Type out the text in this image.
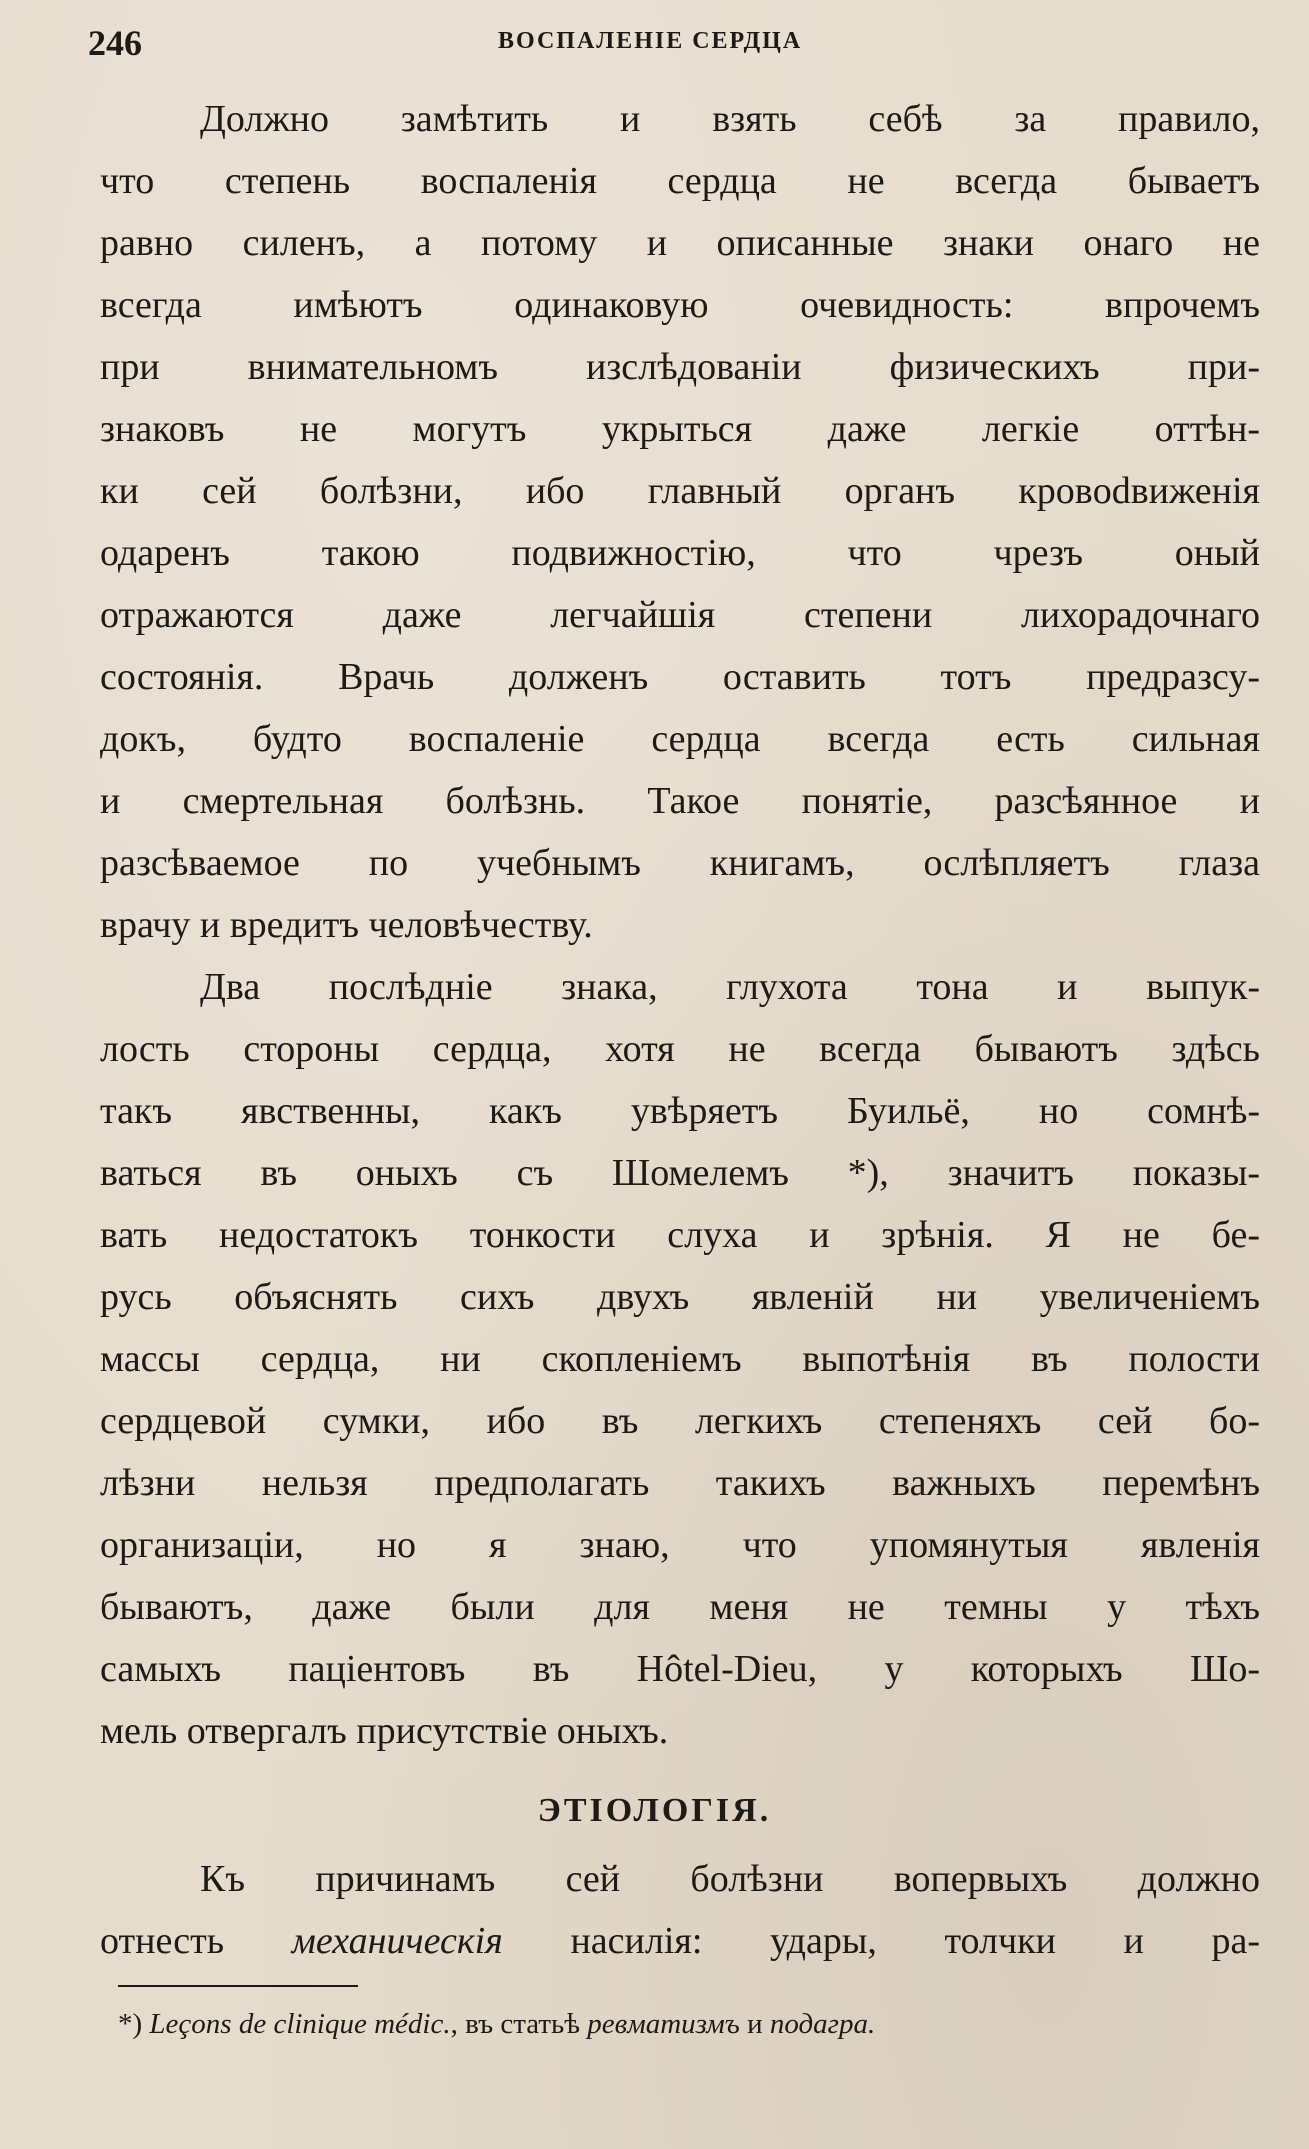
246	ВОСПАЛЕНІЕ СЕРДЦА
Должно замѣтить и взять себѣ за правило,
что степень воспаленія сердца не всегда бываетъ
равно силенъ, а потому и описанные знаки онаго не
всегда имѣютъ одинаковую очевидность: впрочемъ
при внимательномъ изслѣдованіи физическихъ при-
знаковъ не могутъ укрыться даже легкіе оттѣн-
ки сей болѣзни, ибо главный органъ кровodвиженія
одаренъ такою подвижностію, что чрезъ оный
отражаются даже легчайшія степени лихорадочнаго
состоянія. Врачь долженъ оставить тотъ предразсу-
докъ, будто воспаленіе сердца всегда есть сильная
и смертельная болѣзнь. Такое понятіе, разсѣянное и
разсѣваемое по учебнымъ книгамъ, ослѣпляетъ глаза
врачу и вредитъ человѣчеству.
Два послѣдніе знака, глухота тона и выпук-
лость стороны сердца, хотя не всегда бываютъ здѣсь
такъ явственны, какъ увѣряетъ Буильё, но сомнѣ-
ваться въ оныхъ съ Шомелемъ *), значитъ показы-
вать недостатокъ тонкости слуха и зрѣнія. Я не бе-
русь объяснять сихъ двухъ явленій ни увеличеніемъ
массы сердца, ни скопленіемъ выпотѣнія въ полости
сердцевой сумки, ибо въ легкихъ степеняхъ сей бо-
лѣзни нельзя предполагать такихъ важныхъ перемѣнъ
организаціи, но я знаю, что упомянутыя явленія
бываютъ, даже были для меня не темны у тѣхъ
самыхъ паціентовъ въ Hôtel-Dieu, у которыхъ Шо-
мель отвергалъ присутствіе оныхъ.
ЭТІОЛОГІЯ.
Къ причинамъ сей болѣзни вопервыхъ должно
отнесть механическія насилія: удары, толчки и ра-
*) Leçons de clinique médic., въ статьѣ ревматизмъ и подагра.
